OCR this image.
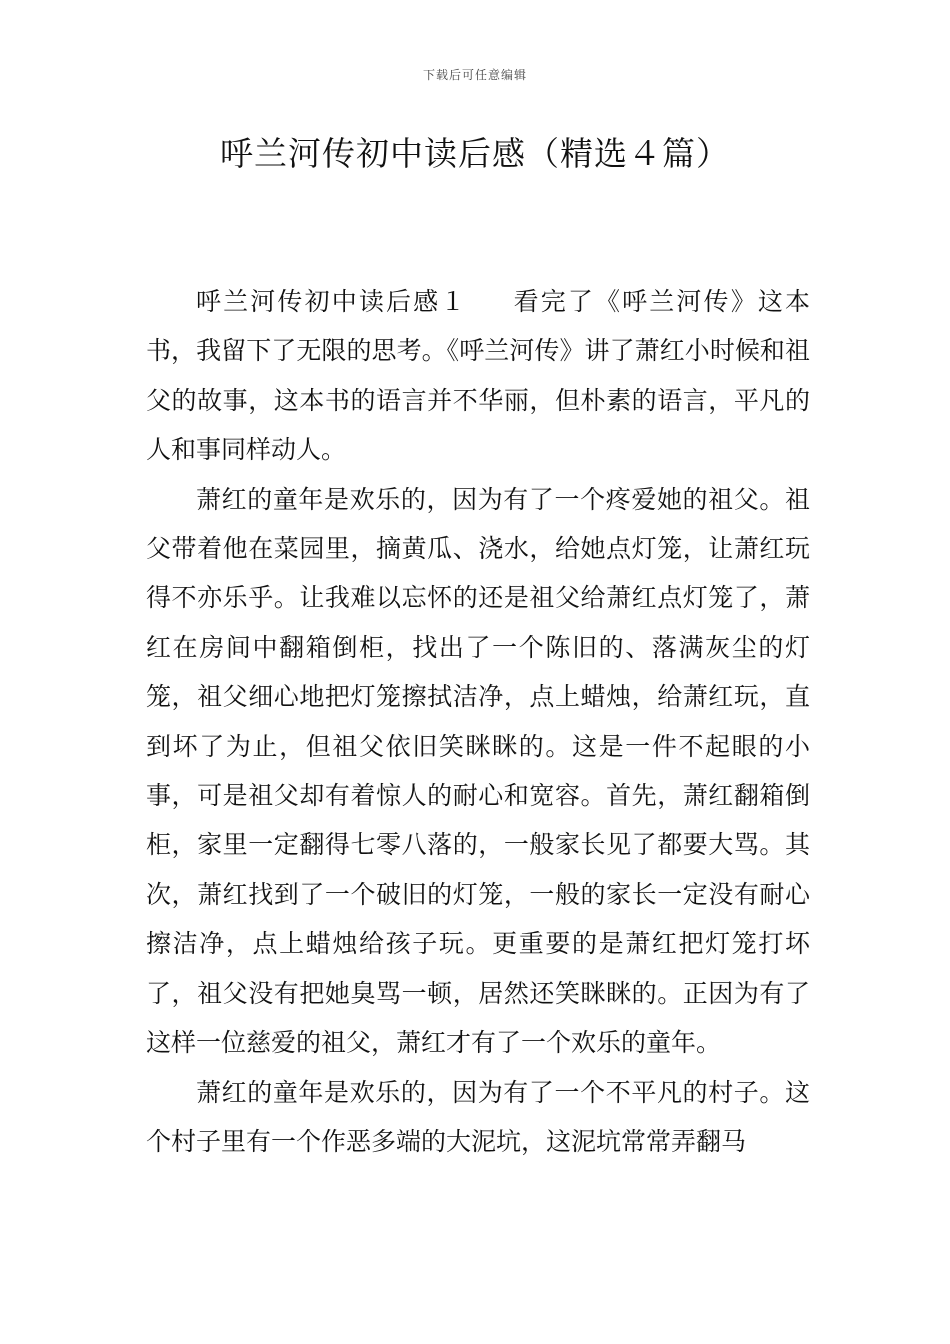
下载后可任意编辑
呼兰河传初中读后感（精选４篇）

呼兰河传初中读后感１ 看完了《呼兰河传》这本书，我留下了无限的思考。《呼兰河传》讲了萧红小时候和祖父的故事，这本书的语言并不华丽，但朴素的语言，平凡的人和事同样动人。

萧红的童年是欢乐的，因为有了一个疼爱她的祖父。祖父带着他在菜园里，摘黄瓜、浇水，给她点灯笼，让萧红玩得不亦乐乎。让我难以忘怀的还是祖父给萧红点灯笼了，萧红在房间中翻箱倒柜，找出了一个陈旧的、落满灰尘的灯笼，祖父细心地把灯笼擦拭洁净，点上蜡烛，给萧红玩，直到坏了为止，但祖父依旧笑眯眯的。这是一件不起眼的小事，可是祖父却有着惊人的耐心和宽容。首先，萧红翻箱倒柜，家里一定翻得七零八落的，一般家长见了都要大骂。其次，萧红找到了一个破旧的灯笼，一般的家长一定没有耐心擦洁净，点上蜡烛给孩子玩。更重要的是萧红把灯笼打坏了，祖父没有把她臭骂一顿，居然还笑眯眯的。正因为有了这样一位慈爱的祖父，萧红才有了一个欢乐的童年。

萧红的童年是欢乐的，因为有了一个不平凡的村子。这个村子里有一个作恶多端的大泥坑，这泥坑常常弄翻马
